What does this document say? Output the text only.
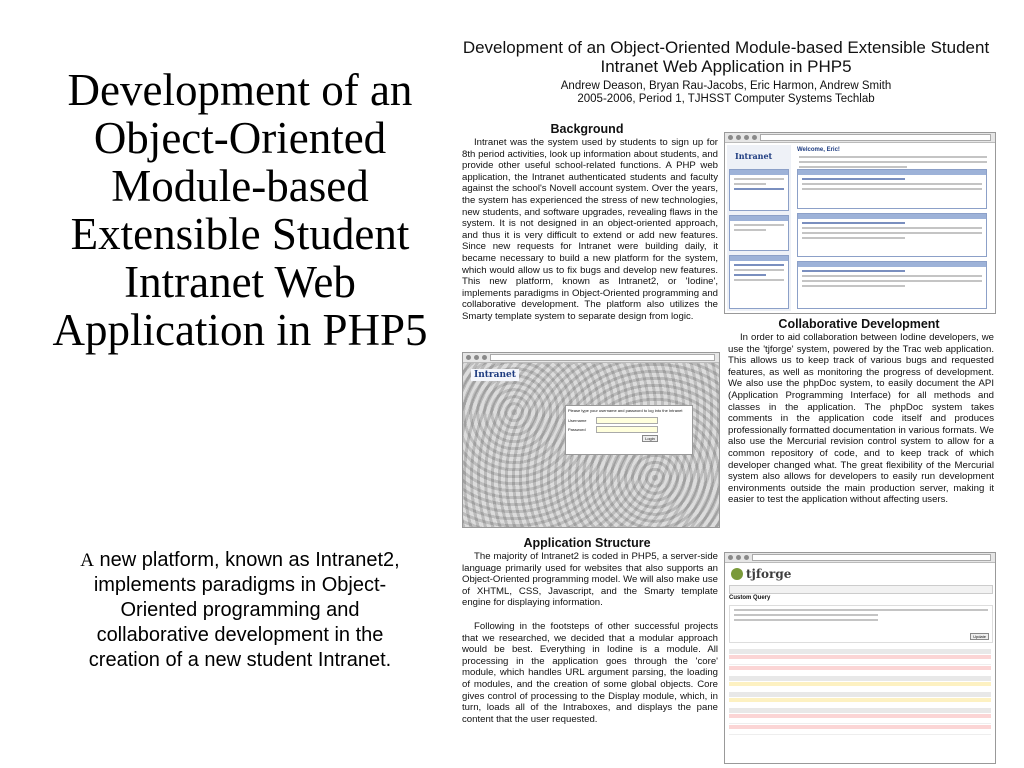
Development of an Object-Oriented Module-based Extensible Student Intranet Web Application in PHP5
A new platform, known as Intranet2, implements paradigms in Object-Oriented programming and collaborative development in the creation of a new student Intranet.
Development of an Object-Oriented Module-based Extensible Student Intranet Web Application in PHP5
Andrew Deason, Bryan Rau-Jacobs, Eric Harmon, Andrew Smith
2005-2006, Period 1, TJHSST Computer Systems Techlab
Background
Intranet was the system used by students to sign up for 8th period activities, look up information about students, and provide other useful school-related functions. A PHP web application, the Intranet authenticated students and faculty against the school's Novell account system. Over the years, the system has experienced the stress of new technologies, new students, and software upgrades, revealing flaws in the system. It is not designed in an object-oriented approach, and thus it is very difficult to extend or add new features. Since new requests for Intranet were building daily, it became necessary to build a new platform for the system, which would allow us to fix bugs and develop new features. This new platform, known as Intranet2, or 'Iodine', implements paradigms in Object-Oriented programming and collaborative development. The platform also utilizes the Smarty template system to separate design from logic.
Intranet
Welcome, Eric!
Collaborative Development
In order to aid collaboration between Iodine developers, we use the 'tjforge' system, powered by the Trac web application. This allows us to keep track of various bugs and requested features, as well as monitoring the progress of development. We also use the phpDoc system, to easily document the API (Application Programming Interface) for all methods and classes in the application. The phpDoc system takes comments in the application code itself and produces professionally formatted documentation in various formats. We also use the Mercurial revision control system to allow for a common repository of code, and to keep track of which developer changed what. The great flexibility of the Mercurial system also allows for developers to easily run development environments outside the main production server, making it easier to test the application without affecting users.
Intranet
Please type your username and password to log into the Intranet
Username
Password
Login
Application Structure
The majority of Intranet2 is coded in PHP5, a server-side language primarily used for websites that also supports an Object-Oriented programming model. We will also make use of XHTML, CSS, Javascript, and the Smarty template engine for displaying information.
Following in the footsteps of other successful projects that we researched, we decided that a modular approach would be best. Everything in Iodine is a module. All processing in the application goes through the 'core' module, which handles URL argument parsing, the loading of modules, and the creation of some global objects. Core gives control of processing to the Display module, which, in turn, loads all of the Intraboxes, and displays the pane content that the user requested.
tjforge
Custom Query
Update
